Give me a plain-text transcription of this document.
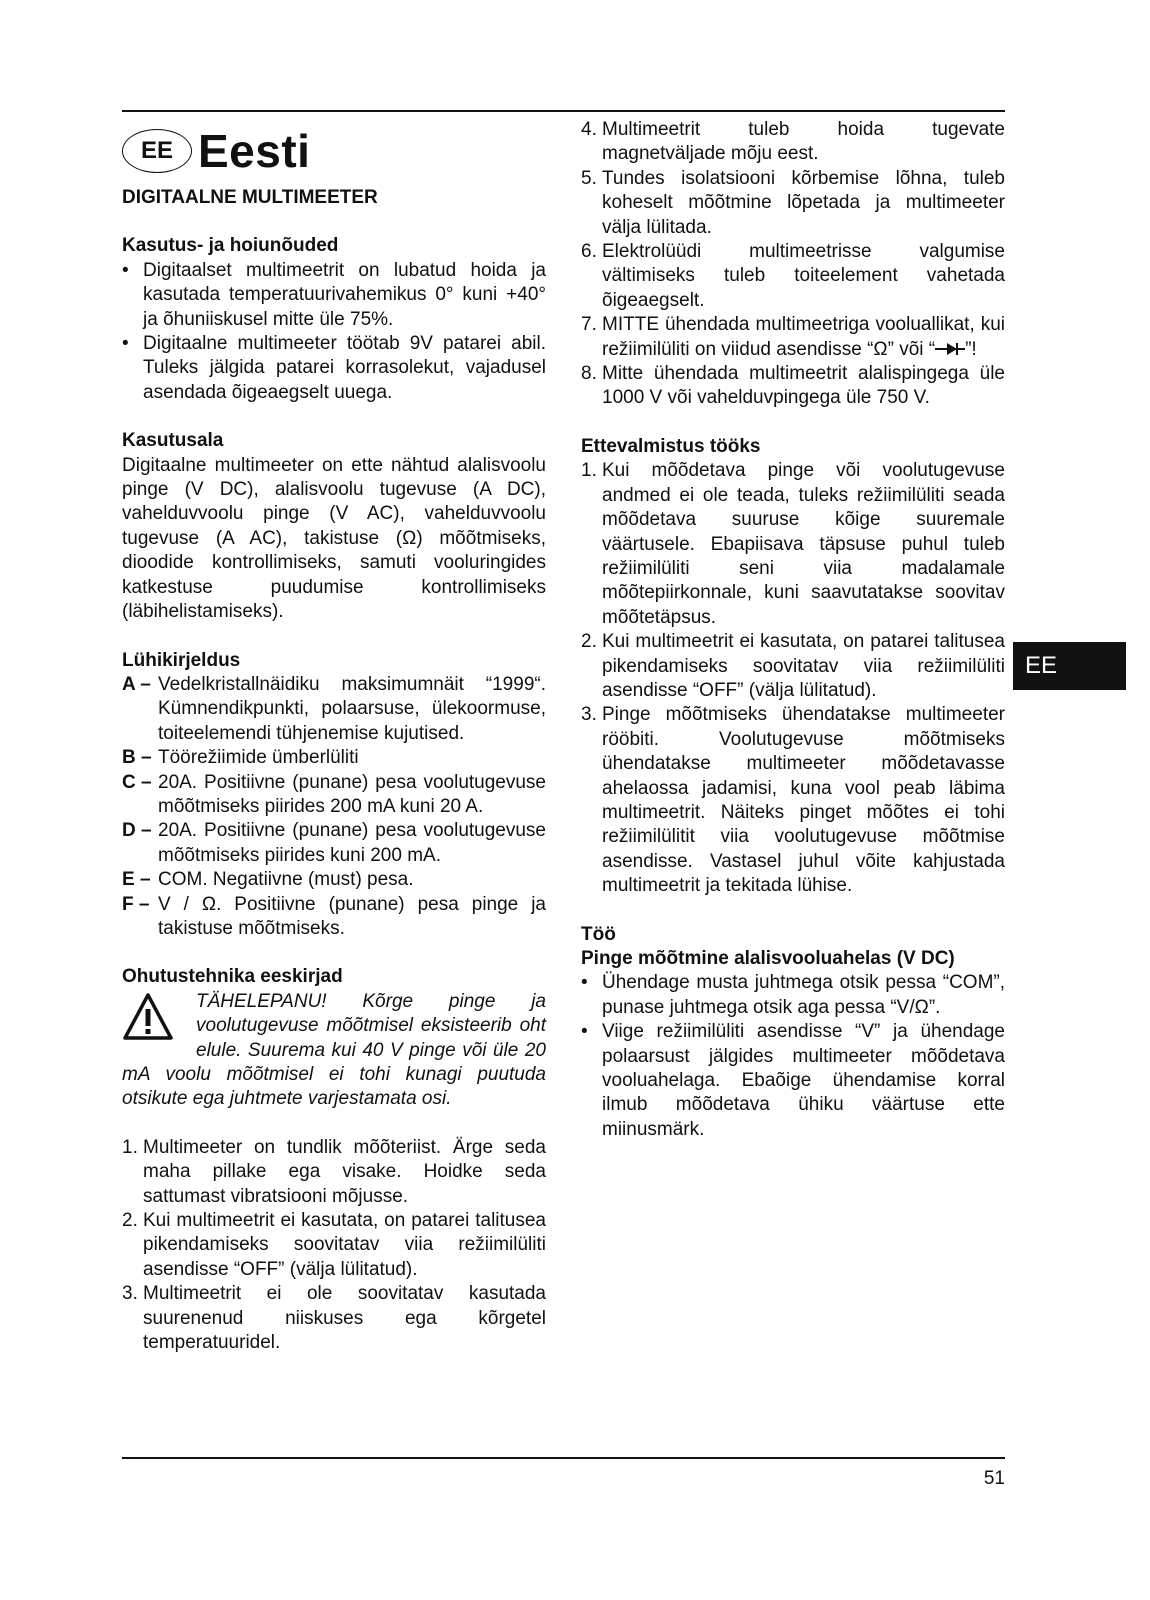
EE Eesti
DIGITAALNE MULTIMEETER
Kasutus- ja hoiunõuded
• Digitaalset multimeetrit on lubatud hoida ja kasutada temperatuurivahemikus 0° kuni +40° ja õhuniiskusel mitte üle 75%.
• Digitaalne multimeeter töötab 9V patarei abil. Tuleks jälgida patarei korrasolekut, vajadusel asendada õigeaegselt uuega.
Kasutusala

Digitaalne multimeeter on ette nähtud alalisvoolu pinge (V DC), alalisvoolu tugevuse (A DC), vahelduvvoolu pinge (V AC), vahelduvvoolu tugevuse (A AC), takistuse (Ω) mõõtmiseks, dioodide kontrollimiseks, samuti vooluringides katkestuse puudumise kontrollimiseks (läbihelistamiseks).

Lühikirjeldus
A – Vedelkristallnäidiku maksimumnäit “1999“. Kümnendikpunkti, polaarsuse, ülekoormuse, toiteelemendi tühjenemise kujutised.
B – Töörežiimide ümberlüliti
C – 20A. Positiivne (punane) pesa voolutugevuse mõõtmiseks piirides 200 mA kuni 20 A.
D – 20A. Positiivne (punane) pesa voolutugevuse mõõtmiseks piirides kuni 200 mA.
E – COM. Negatiivne (must) pesa.
F – V / Ω. Positiivne (punane) pesa pinge ja takistuse mõõtmiseks.
Ohutustehnika eeskirjad

TÄHELEPANU! Kõrge pinge ja voolutugevuse mõõtmisel eksisteerib oht elule. Suurema kui 40 V pinge või üle 20 mA voolu mõõtmisel ei tohi kunagi puutuda otsikute ega juhtmete varjestamata osi.

1. Multimeeter on tundlik mõõteriist. Ärge seda maha pillake ega visake. Hoidke seda sattumast vibratsiooni mõjusse.
2. Kui multimeetrit ei kasutata, on patarei talitusea pikendamiseks soovitatav viia režiimilüliti asendisse “OFF” (välja lülitatud).
3. Multimeetrit ei ole soovitatav kasutada suurenenud niiskuses ega kõrgetel temperatuuridel.
4. Multimeetrit tuleb hoida tugevate magnetväljade mõju eest.
5. Tundes isolatsiooni kõrbemise lõhna, tuleb koheselt mõõtmine lõpetada ja multimeeter välja lülitada.
6. Elektrolüüdi multimeetrisse valgumise vältimiseks tuleb toiteelement vahetada õigeaegselt.
7. MITTE ühendada multimeetriga vooluallikat, kui režiimilüliti on viidud asendisse “Ω” või “ ”!
8. Mitte ühendada multimeetrit alalispingega üle 1000 V või vahelduvpingega üle 750 V.
Ettevalmistus tööks
1. Kui mõõdetava pinge või voolutugevuse andmed ei ole teada, tuleks režiimilüliti seada mõõdetava suuruse kõige suuremale väärtusele. Ebapiisava täpsuse puhul tuleb režiimilüliti seni viia madalamale mõõtepiirkonnale, kuni saavutatakse soovitav mõõtetäpsus.
2. Kui multimeetrit ei kasutata, on patarei talitusea pikendamiseks soovitatav viia režiimilüliti asendisse “OFF” (välja lülitatud).
3. Pinge mõõtmiseks ühendatakse multimeeter rööbiti. Voolutugevuse mõõtmiseks ühendatakse multimeeter mõõdetavasse ahelaossa jadamisi, kuna vool peab läbima multimeetrit. Näiteks pinget mõõtes ei tohi režiimilülitit viia voolutugevuse mõõtmise asendisse. Vastasel juhul võite kahjustada multimeetrit ja tekitada lühise.
Töö
Pinge mõõtmine alalisvooluahelas (V DC)
• Ühendage musta juhtmega otsik pessa “COM”, punase juhtmega otsik aga pessa “V/Ω”.
• Viige režiimilüliti asendisse “V” ja ühendage polaarsust jälgides multimeeter mõõdetava vooluahelaga. Ebaõige ühendamise korral ilmub mõõdetava ühiku väärtuse ette miinusmärk.
EE
51
